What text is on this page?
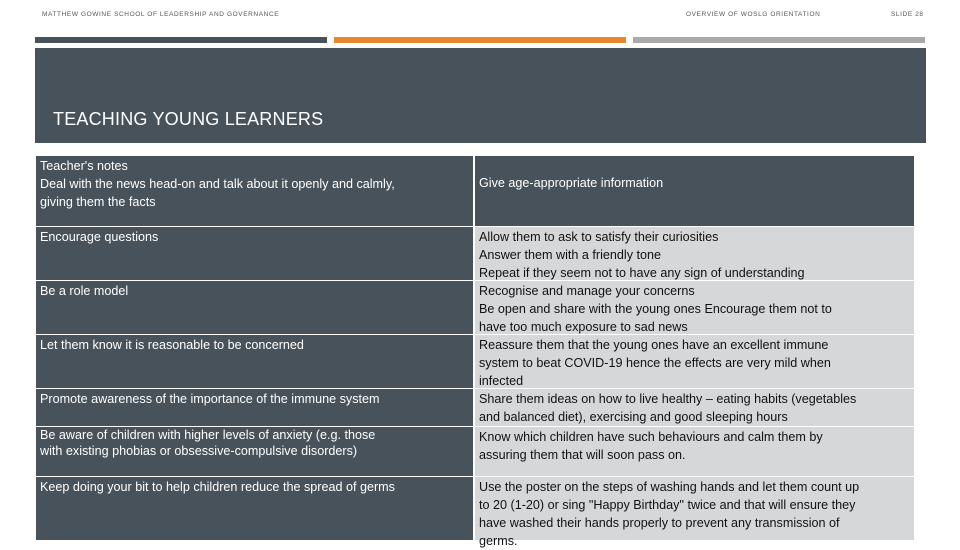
MATTHEW GOWINE SCHOOL OF LEADERSHIP AND GOVERNANCE	OVERVIEW OF WOSLG ORIENTATION	SLIDE 28
TEACHING YOUNG LEARNERS
Teacher's notes
Deal with the news head-on and talk about it openly and calmly,
giving them the facts
Give age-appropriate information
Encourage questions
Be a role model
Let them know it is reasonable to be concerned
Promote awareness of the importance of the immune system
Be aware of children with higher levels of anxiety (e.g. those
with existing phobias or obsessive-compulsive disorders)
Keep doing your bit to help children reduce the spread of germs
Allow them to ask to satisfy their curiosities
Answer them with a friendly tone
Repeat if they seem not to have any sign of understanding
Recognise and manage your concerns
Be open and share with the young ones Encourage them not to
have too much exposure to sad news
Reassure them that the young ones have an excellent immune
system to beat COVID-19 hence the effects are very mild when
infected
Share them ideas on how to live healthy – eating habits (vegetables
and balanced diet), exercising and good sleeping hours
Know which children have such behaviours and calm them by
assuring them that will soon pass on.
Use the poster on the steps of washing hands and let them count up
to 20 (1-20) or sing "Happy Birthday" twice and that will ensure they
have washed their hands properly to prevent any transmission of
germs.
